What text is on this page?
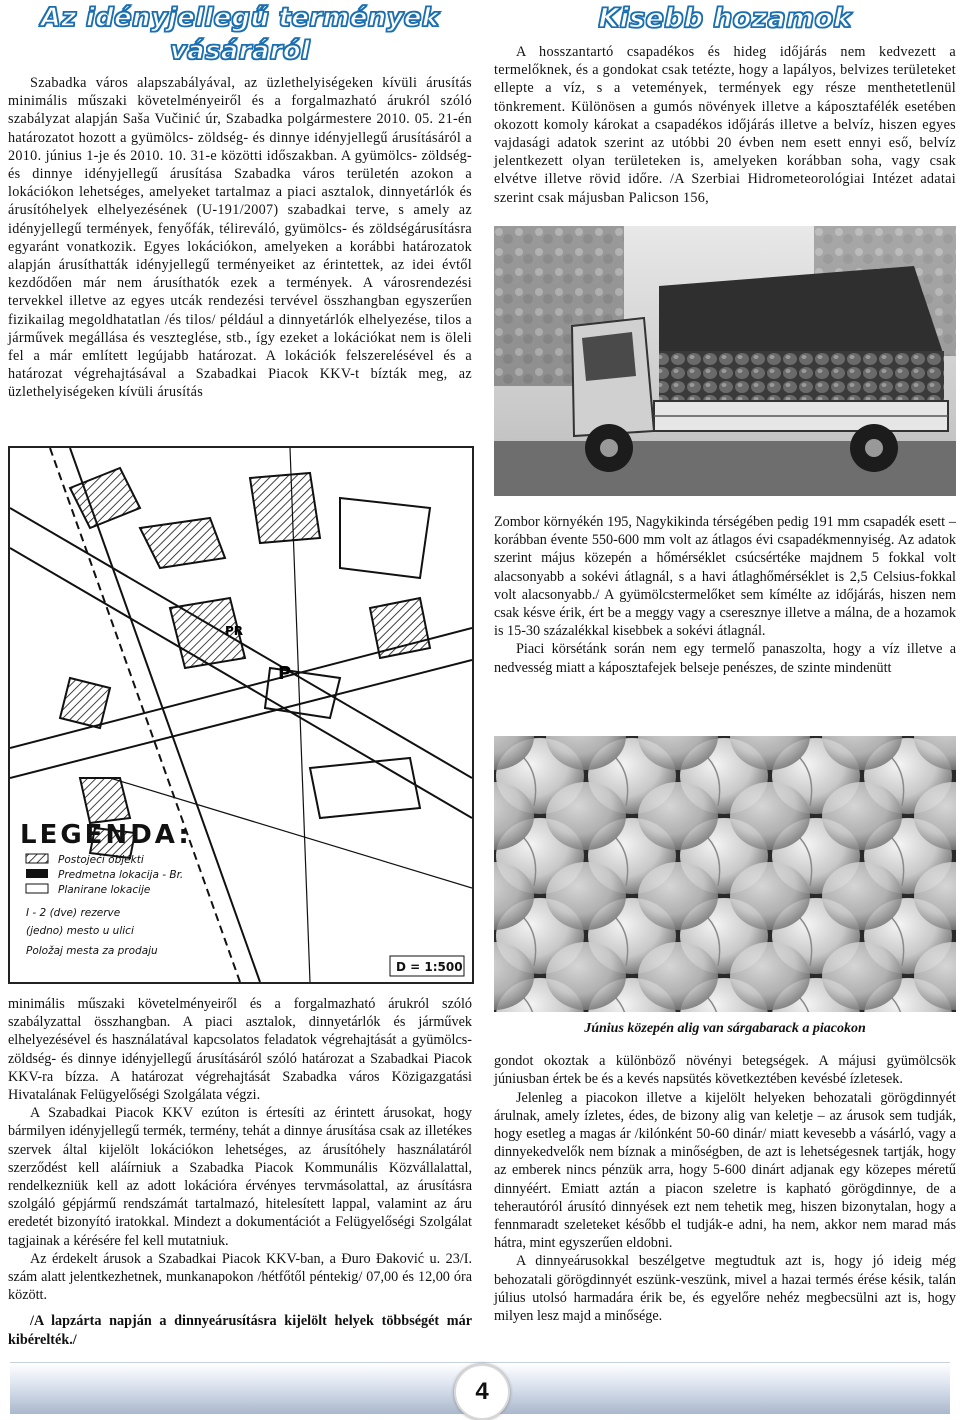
Az idényjellegű termények
vásáráról

Szabadka város alapszabályával, az üzlethelyiségeken kívüli árusítás minimális műszaki követelményeiről és a forgalmazható árukról szóló szabályzat alapján Saša Vučinić úr, Szabadka polgármestere 2010. 05. 21-én határozatot hozott a gyümölcs- zöldség- és dinnye idényjellegű árusításáról a 2010. június 1-je és 2010. 10. 31-e közötti időszakban. A gyümölcs- zöldség- és dinnye idényjellegű árusítása Szabadka város területén azokon a lokációkon lehetséges, amelyeket tartalmaz a piaci asztalok, dinnyetárlók és árusítóhelyek elhelyezésének (U-191/2007) szabadkai terve, s amely az idényjellegű termények, fenyőfák, télireváló, gyümölcs- és zöldségárusításra egyaránt vonatkozik. Egyes lokációkon, amelyeken a korábbi határozatok alapján árusíthatták idényjellegű terményeiket az érintettek, az idei évtől kezdődően már nem árusíthatók ezek a termények. A városrendezési tervekkel illetve az egyes utcák rendezési tervével összhangban egyszerűen fizikailag megoldhatatlan /és tilos/ például a dinnyetárlók elhelyezése, tilos a járművek megállása és veszteglése, stb., így ezeket a lokációkat nem is öleli fel a már említett legújabb határozat. A lokációk felszerelésével és a határozat végrehajtásával a Szabadkai Piacok KKV-t bízták meg, az üzlethelyiségeken kívüli árusítás

PR
P
LEGENDA:
Postojeći objekti
Predmetna lokacija - Br.
Planirane lokacije
I - 2 (dve) rezerve
(jedno) mesto u ulici
Položaj mesta za prodaju
D = 1:500

minimális műszaki követelményeiről és a forgalmazható árukról szóló szabályzattal összhangban. A piaci asztalok, dinnyetárlók és járművek elhelyezésével és használatával kapcsolatos feladatok végrehajtását a gyümölcs- zöldség- és dinnye idényjellegű árusításáról szóló határozat a Szabadkai Piacok KKV-ra bízza. A határozat végrehajtását Szabadka város Közigazgatási Hivatalának Felügyelőségi Szolgálata végzi.

A Szabadkai Piacok KKV ezúton is értesíti az érintett árusokat, hogy bármilyen idényjellegű termék, termény, tehát a dinnye árusítása csak az illetékes szervek által kijelölt lokációkon lehetséges, az árusítóhely használatáról szerződést kell aláírniuk a Szabadka Piacok Kommunális Közvállalattal, rendelkezniük kell az adott lokációra érvényes tervmásolattal, az árusításra szolgáló gépjármű rendszámát tartalmazó, hitelesített lappal, valamint az áru eredetét bizonyító iratokkal. Mindezt a dokumentációt a Felügyelőségi Szolgálat tagjainak a kérésére fel kell mutatniuk.

Az érdekelt árusok a Szabadkai Piacok KKV-ban, a Đuro Đaković u. 23/I. szám alatt jelentkezhetnek, munkanapokon /hétfőtől péntekig/ 07,00 és 12,00 óra között.

/A lapzárta napján a dinnyeárusításra kijelölt helyek többségét már kibérelték./

Kisebb hozamok

A hosszantartó csapadékos és hideg időjárás nem kedvezett a termelőknek, és a gondokat csak tetézte, hogy a lapályos, belvizes területeket ellepte a víz, s a vetemények, termények egy része menthetetlenül tönkrement. Különösen a gumós növények illetve a káposztafélék esetében okozott komoly károkat a csapadékos időjárás illetve a belvíz, hiszen egyes vajdasági adatok szerint az utóbbi 20 évben nem esett ennyi eső, belvíz jelentkezett olyan területeken is, amelyeken korábban soha, vagy csak elvétve illetve rövid időre. /A Szerbiai Hidrometeorológiai Intézet adatai szerint csak májusban Palicson 156,

Zombor környékén 195, Nagykikinda térségében pedig 191 mm csapadék esett – korábban évente 550-600 mm volt az átlagos évi csapadékmennyiség. Az adatok szerint május közepén a hőmérséklet csúcsértéke majdnem 5 fokkal volt alacsonyabb a sokévi átlagnál, s a havi átlaghőmérséklet is 2,5 Celsius-fokkal volt alacsonyabb./ A gyümölcstermelőket sem kímélte az időjárás, hiszen nem csak késve érik, ért be a meggy vagy a cseresznye illetve a málna, de a hozamok is 15-30 százalékkal kisebbek a sokévi átlagnál.

Piaci körsétánk során nem egy termelő panaszolta, hogy a víz illetve a nedvesség miatt a káposztafejek belseje penészes, de szinte mindenütt

Június közepén alig van sárgabarack a piacokon

gondot okoztak a különböző növényi betegségek. A májusi gyümölcsök júniusban értek be és a kevés napsütés következtében kevésbé ízletesek.

Jelenleg a piacokon illetve a kijelölt helyeken behozatali görögdinnyét árulnak, amely ízletes, édes, de bizony alig van keletje – az árusok sem tudják, hogy esetleg a magas ár /kilónként 50-60 dinár/ miatt kevesebb a vásárló, vagy a dinnyekedvelők nem bíznak a minőségben, de azt is lehetségesnek tartják, hogy az emberek nincs pénzük arra, hogy 5-600 dinárt adjanak egy közepes méretű dinnyéért. Emiatt aztán a piacon szeletre is kapható görögdinnye, de a teherautóról árusító dinnyések ezt nem tehetik meg, hiszen bizonytalan, hogy a fennmaradt szeleteket később el tudják-e adni, ha nem, akkor nem marad más hátra, mint egyszerűen eldobni.

A dinnyeárusokkal beszélgetve megtudtuk azt is, hogy jó ideig még behozatali görögdinnyét eszünk-veszünk, mivel a hazai termés érése késik, talán július utolsó harmadára érik be, és egyelőre nehéz megbecsülni azt is, hogy milyen lesz majd a minősége.

4
